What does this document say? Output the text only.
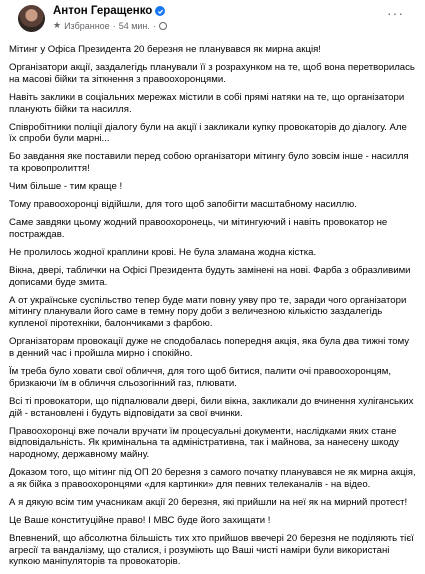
Антон Геращенко
★ Избранное · 54 мин. ·
···

Мітинг у Офіса Президента 20 березня не планувався як мирна акція!

Організатори акції, заздалегідь планували її з розрахунком на те, щоб вона перетворилась на масові бійки та зіткнення з правоохоронцями.

Навіть заклики в соціальних мережах містили в собі прямі натяки на те, що організатори планують бійки та насилля.

Співробітники поліції діалогу були на акції і закликали купку провокаторів до діалогу. Але їх спроби були марні...

Бо завдання яке поставили перед собою організатори мітингу було зовсім інше - насилля та кровопролиття!

Чим більше - тим краще !

Тому правоохоронці відійшли, для того щоб запобігти масштабному насиллю.

Саме завдяки цьому жодний правоохоронець, чи мітингуючий і навіть провокатор не постраждав.

Не пролилось жодної краплини крові. Не була зламана жодна кістка.

Вікна, двері, таблички на Офісі Президента будуть замінені на нові. Фарба з образливими дописами буде змита.

А от українське суспільство тепер буде мати повну уяву про те, заради чого організатори мітингу планували його саме в темну пору доби з величезною кількістю заздалегідь купленої піротехніки, балончиками з фарбою.

Організаторам провокації дуже не сподобалась попередня акція, яка була два тижні тому в денний час і пройшла мирно і спокійно.

Їм треба було ховати свої обличчя, для того щоб битися, палити очі правоохоронцям, бризкаючи їм в обличчя сльозогінний газ, плювати.

Всі ті провокатори, що підпалювали двері, били вікна, закликали до вчинення хуліганських дій - встановлені і будуть відповідати за свої вчинки.

Правоохоронці вже почали вручати їм процесуальні документи, наслідками яких стане відповідальність. Як кримінальна та адміністративна, так і майнова, за нанесену шкоду народному, державному майну.

Доказом того, що мітинг під ОП 20 березня з самого початку планувався не як мирна акція, а як бійка з правоохоронцями «для картинки» для певних телеканалів - на відео.

А я дякую всім тим учасникам акції 20 березня, які прийшли на неї як на мирний протест!

Це Ваше конституційне право! І МВС буде його захищати !

Впевнений, що абсолютна більшість тих хто прийшов ввечері 20 березня не поділяють тієї агресії та вандалізму, що сталися, і розуміють що Ваші чисті наміри були використані купкою маніпуляторів та провокаторів.
